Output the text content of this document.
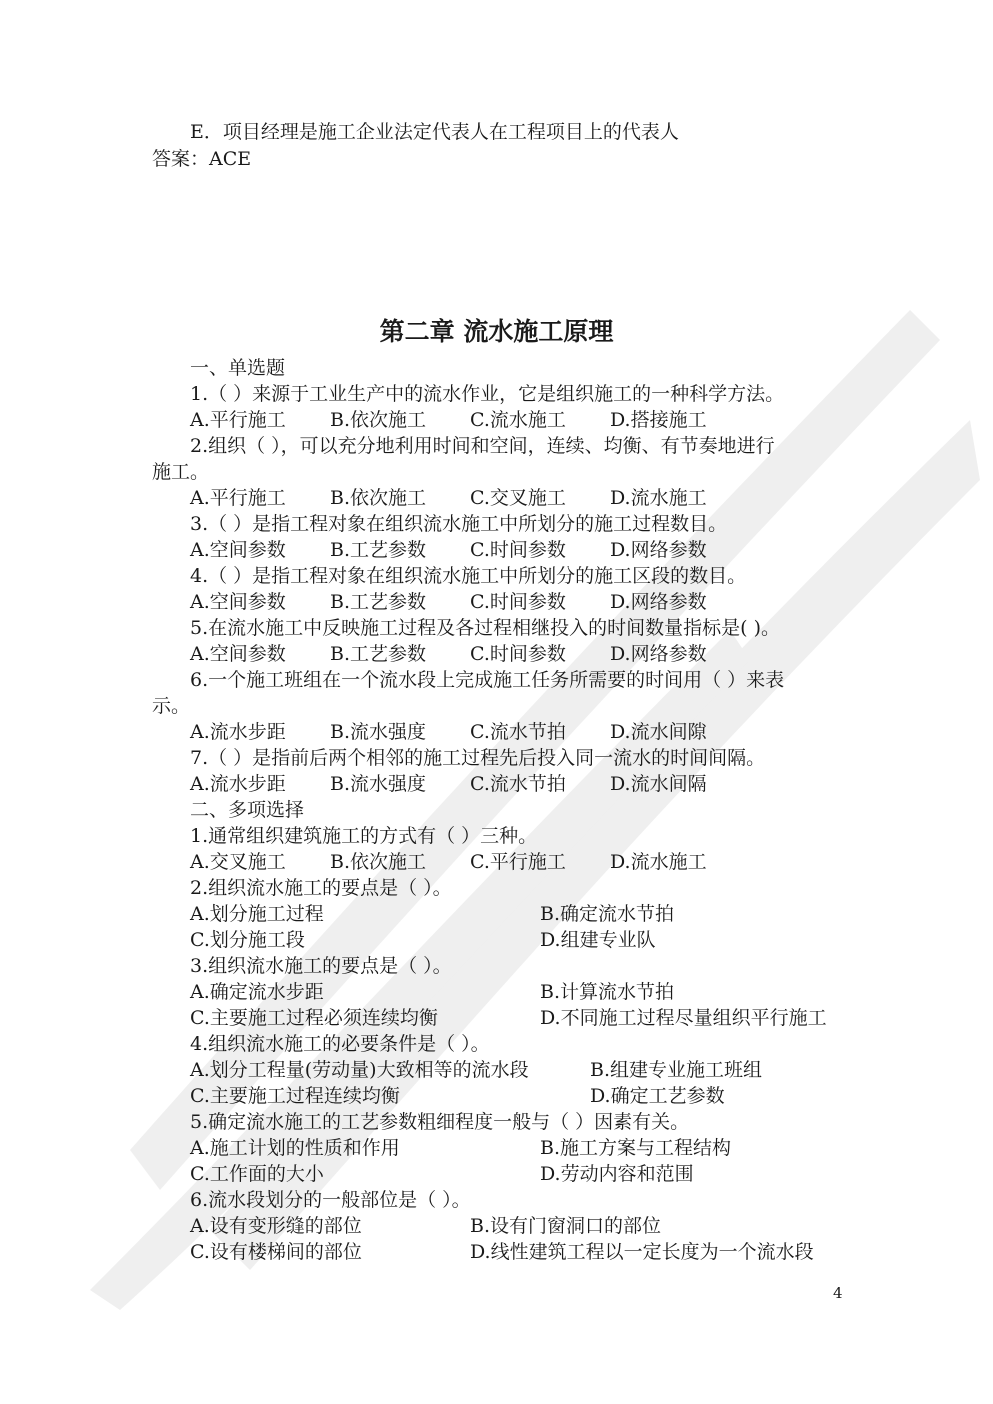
E．项目经理是施工企业法定代表人在工程项目上的代表人
答案：ACE
第二章 流水施工原理
一、单选题
1.（ ）来源于工业生产中的流水作业，它是组织施工的一种科学方法。
A.平行施工 B.依次施工 C.流水施工 D.搭接施工
2.组织（ ），可以充分地利用时间和空间，连续、均衡、有节奏地进行
施工。
A.平行施工 B.依次施工 C.交叉施工 D.流水施工
3.（ ）是指工程对象在组织流水施工中所划分的施工过程数目。
A.空间参数 B.工艺参数 C.时间参数 D.网络参数
4.（ ）是指工程对象在组织流水施工中所划分的施工区段的数目。
A.空间参数 B.工艺参数 C.时间参数 D.网络参数
5.在流水施工中反映施工过程及各过程相继投入的时间数量指标是( )。
A.空间参数 B.工艺参数 C.时间参数 D.网络参数
6.一个施工班组在一个流水段上完成施工任务所需要的时间用（ ）来表
示。
A.流水步距 B.流水强度 C.流水节拍 D.流水间隙
7.（ ）是指前后两个相邻的施工过程先后投入同一流水的时间间隔。
A.流水步距 B.流水强度 C.流水节拍 D.流水间隔
二、多项选择
1.通常组织建筑施工的方式有（ ）三种。
A.交叉施工 B.依次施工 C.平行施工 D.流水施工
2.组织流水施工的要点是（ ）。
A.划分施工过程	B.确定流水节拍
C.划分施工段	D.组建专业队
3.组织流水施工的要点是（ ）。
A.确定流水步距	B.计算流水节拍
C.主要施工过程必须连续均衡	D.不同施工过程尽量组织平行施工
4.组织流水施工的必要条件是（ ）。
A.划分工程量(劳动量)大致相等的流水段	B.组建专业施工班组
C.主要施工过程连续均衡	D.确定工艺参数
5.确定流水施工的工艺参数粗细程度一般与（ ）因素有关。
A.施工计划的性质和作用	B.施工方案与工程结构
C.工作面的大小	D.劳动内容和范围
6.流水段划分的一般部位是（ ）。
A.设有变形缝的部位	B.设有门窗洞口的部位
C.设有楼梯间的部位	D.线性建筑工程以一定长度为一个流水段
4
